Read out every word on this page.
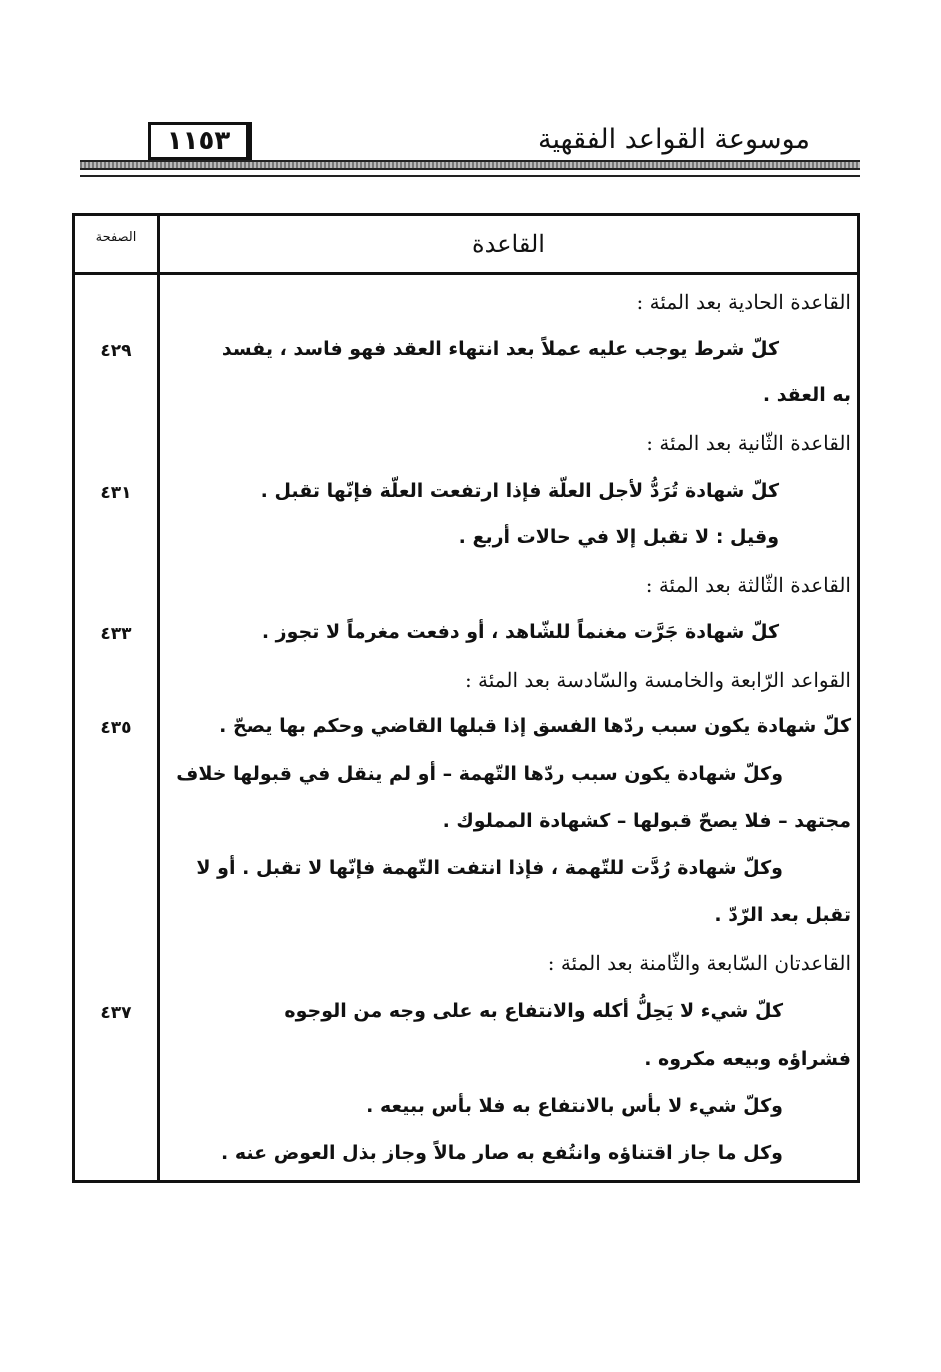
١١٥٣	موسوعة القواعد الفقهية
الصفحة	القاعدة
القاعدة الحادية بعد المئة :
كلّ شرط يوجب عليه عملاً بعد انتهاء العقد فهو فاسد ، يفسد
به العقد .
القاعدة الثّانية بعد المئة :
كلّ شهادة تُرَدُّ لأجل العلّة فإذا ارتفعت العلّة فإنّها تقبل .
وقيل : لا تقبل إلا في حالات أربع .
القاعدة الثّالثة بعد المئة :
كلّ شهادة جَرَّت مغنماً للشّاهد ، أو دفعت مغرماً لا تجوز .
القواعد الرّابعة والخامسة والسّادسة بعد المئة :
كلّ شهادة يكون سبب ردّها الفسق إذا قبلها القاضي وحكم بها يصحّ .
وكلّ شهادة يكون سبب ردّها التّهمة – أو لم ينقل في قبولها خلاف
مجتهد – فلا يصحّ قبولها – كشهادة المملوك .
وكلّ شهادة رُدَّت للتّهمة ، فإذا انتفت التّهمة فإنّها لا تقبل . أو لا
تقبل بعد الرّدّ .
القاعدتان السّابعة والثّامنة بعد المئة :
كلّ شيء لا يَحِلُّ أكله والانتفاع به على وجه من الوجوه
فشراؤه وبيعه مكروه .
وكلّ شيء لا بأس بالانتفاع به فلا بأس ببيعه .
وكل ما جاز اقتناؤه وانتُفع به صار مالاً وجاز بذل العوض عنه .
٤٢٩
٤٣١
٤٣٣
٤٣٥
٤٣٧
